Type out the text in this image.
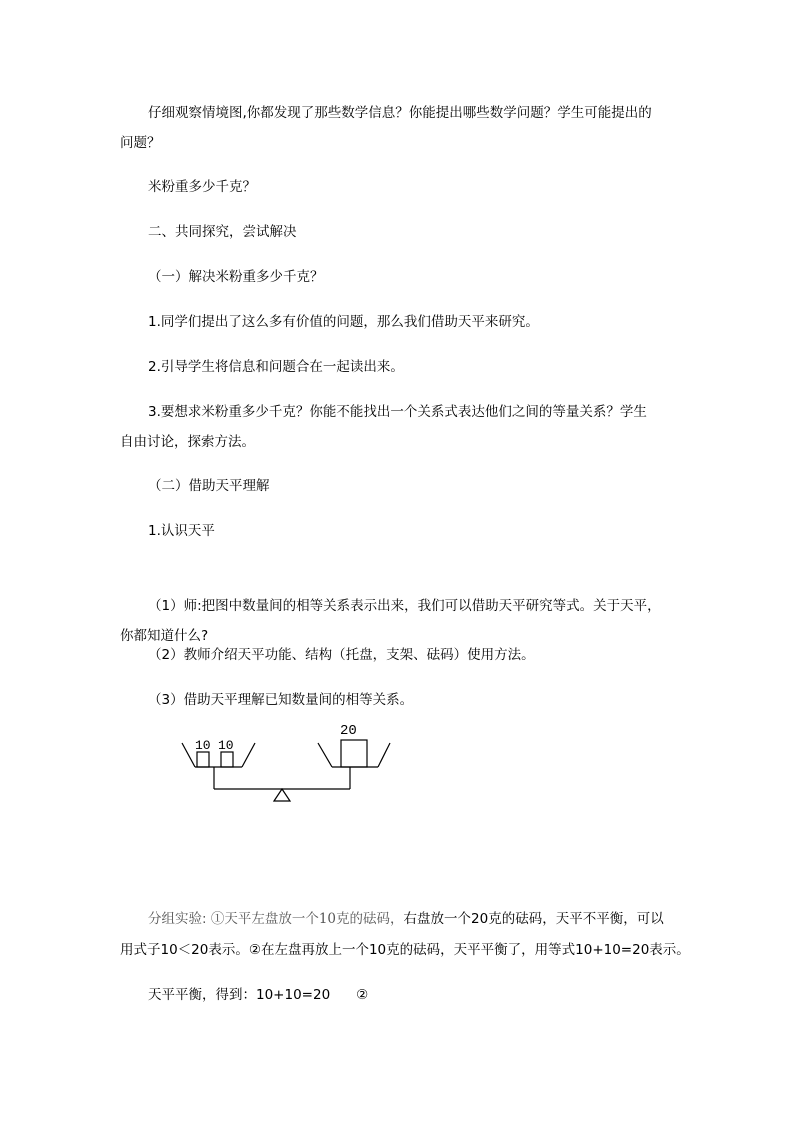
仔细观察情境图,你都发现了那些数学信息？你能提出哪些数学问题？学生可能提出的
问题？
米粉重多少千克？
二、共同探究，尝试解决
（一）解决米粉重多少千克？
1.同学们提出了这么多有价值的问题，那么我们借助天平来研究。
2.引导学生将信息和问题合在一起读出来。
3.要想求米粉重多少千克？你能不能找出一个关系式表达他们之间的等量关系？学生
自由讨论，探索方法。
（二）借助天平理解
1.认识天平
（1）师:把图中数量间的相等关系表示出来，我们可以借助天平研究等式。关于天平，
你都知道什么?
（2）教师介绍天平功能、结构（托盘，支架、砝码）使用方法。
（3）借助天平理解已知数量间的相等关系。
10 10
20
分组实验: ①天平左盘放一个10克的砝码，右盘放一个20克的砝码，天平不平衡，可以
用式子10＜20表示。②在左盘再放上一个10克的砝码，天平平衡了，用等式10+10=20表示。
天平平衡，得到：10+10=20 ②
